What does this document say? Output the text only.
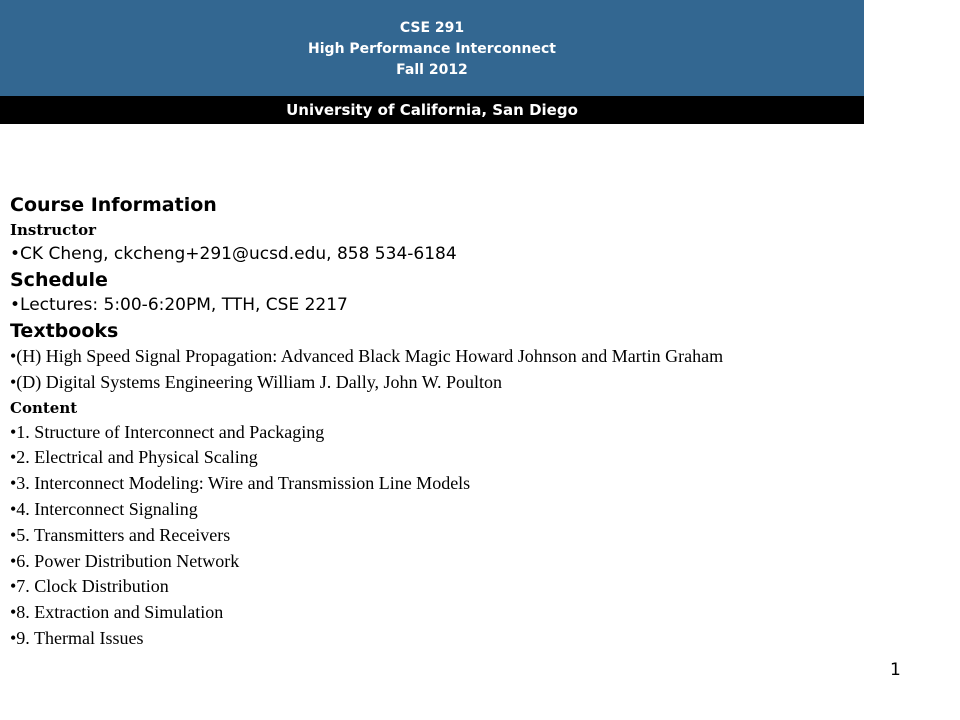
CSE 291
High Performance Interconnect
Fall 2012
University of California, San Diego
Course Information
Instructor
•CK Cheng, ckcheng+291@ucsd.edu, 858 534-6184
Schedule
•Lectures: 5:00-6:20PM, TTH, CSE 2217
Textbooks
•(H) High Speed Signal Propagation: Advanced Black Magic Howard Johnson and Martin Graham
•(D) Digital Systems Engineering William J. Dally, John W. Poulton
Content
•1. Structure of Interconnect and Packaging
•2. Electrical and Physical Scaling
•3. Interconnect Modeling: Wire and Transmission Line Models
•4. Interconnect Signaling
•5. Transmitters and Receivers
•6. Power Distribution Network
•7. Clock Distribution
•8. Extraction and Simulation
•9. Thermal Issues
1
